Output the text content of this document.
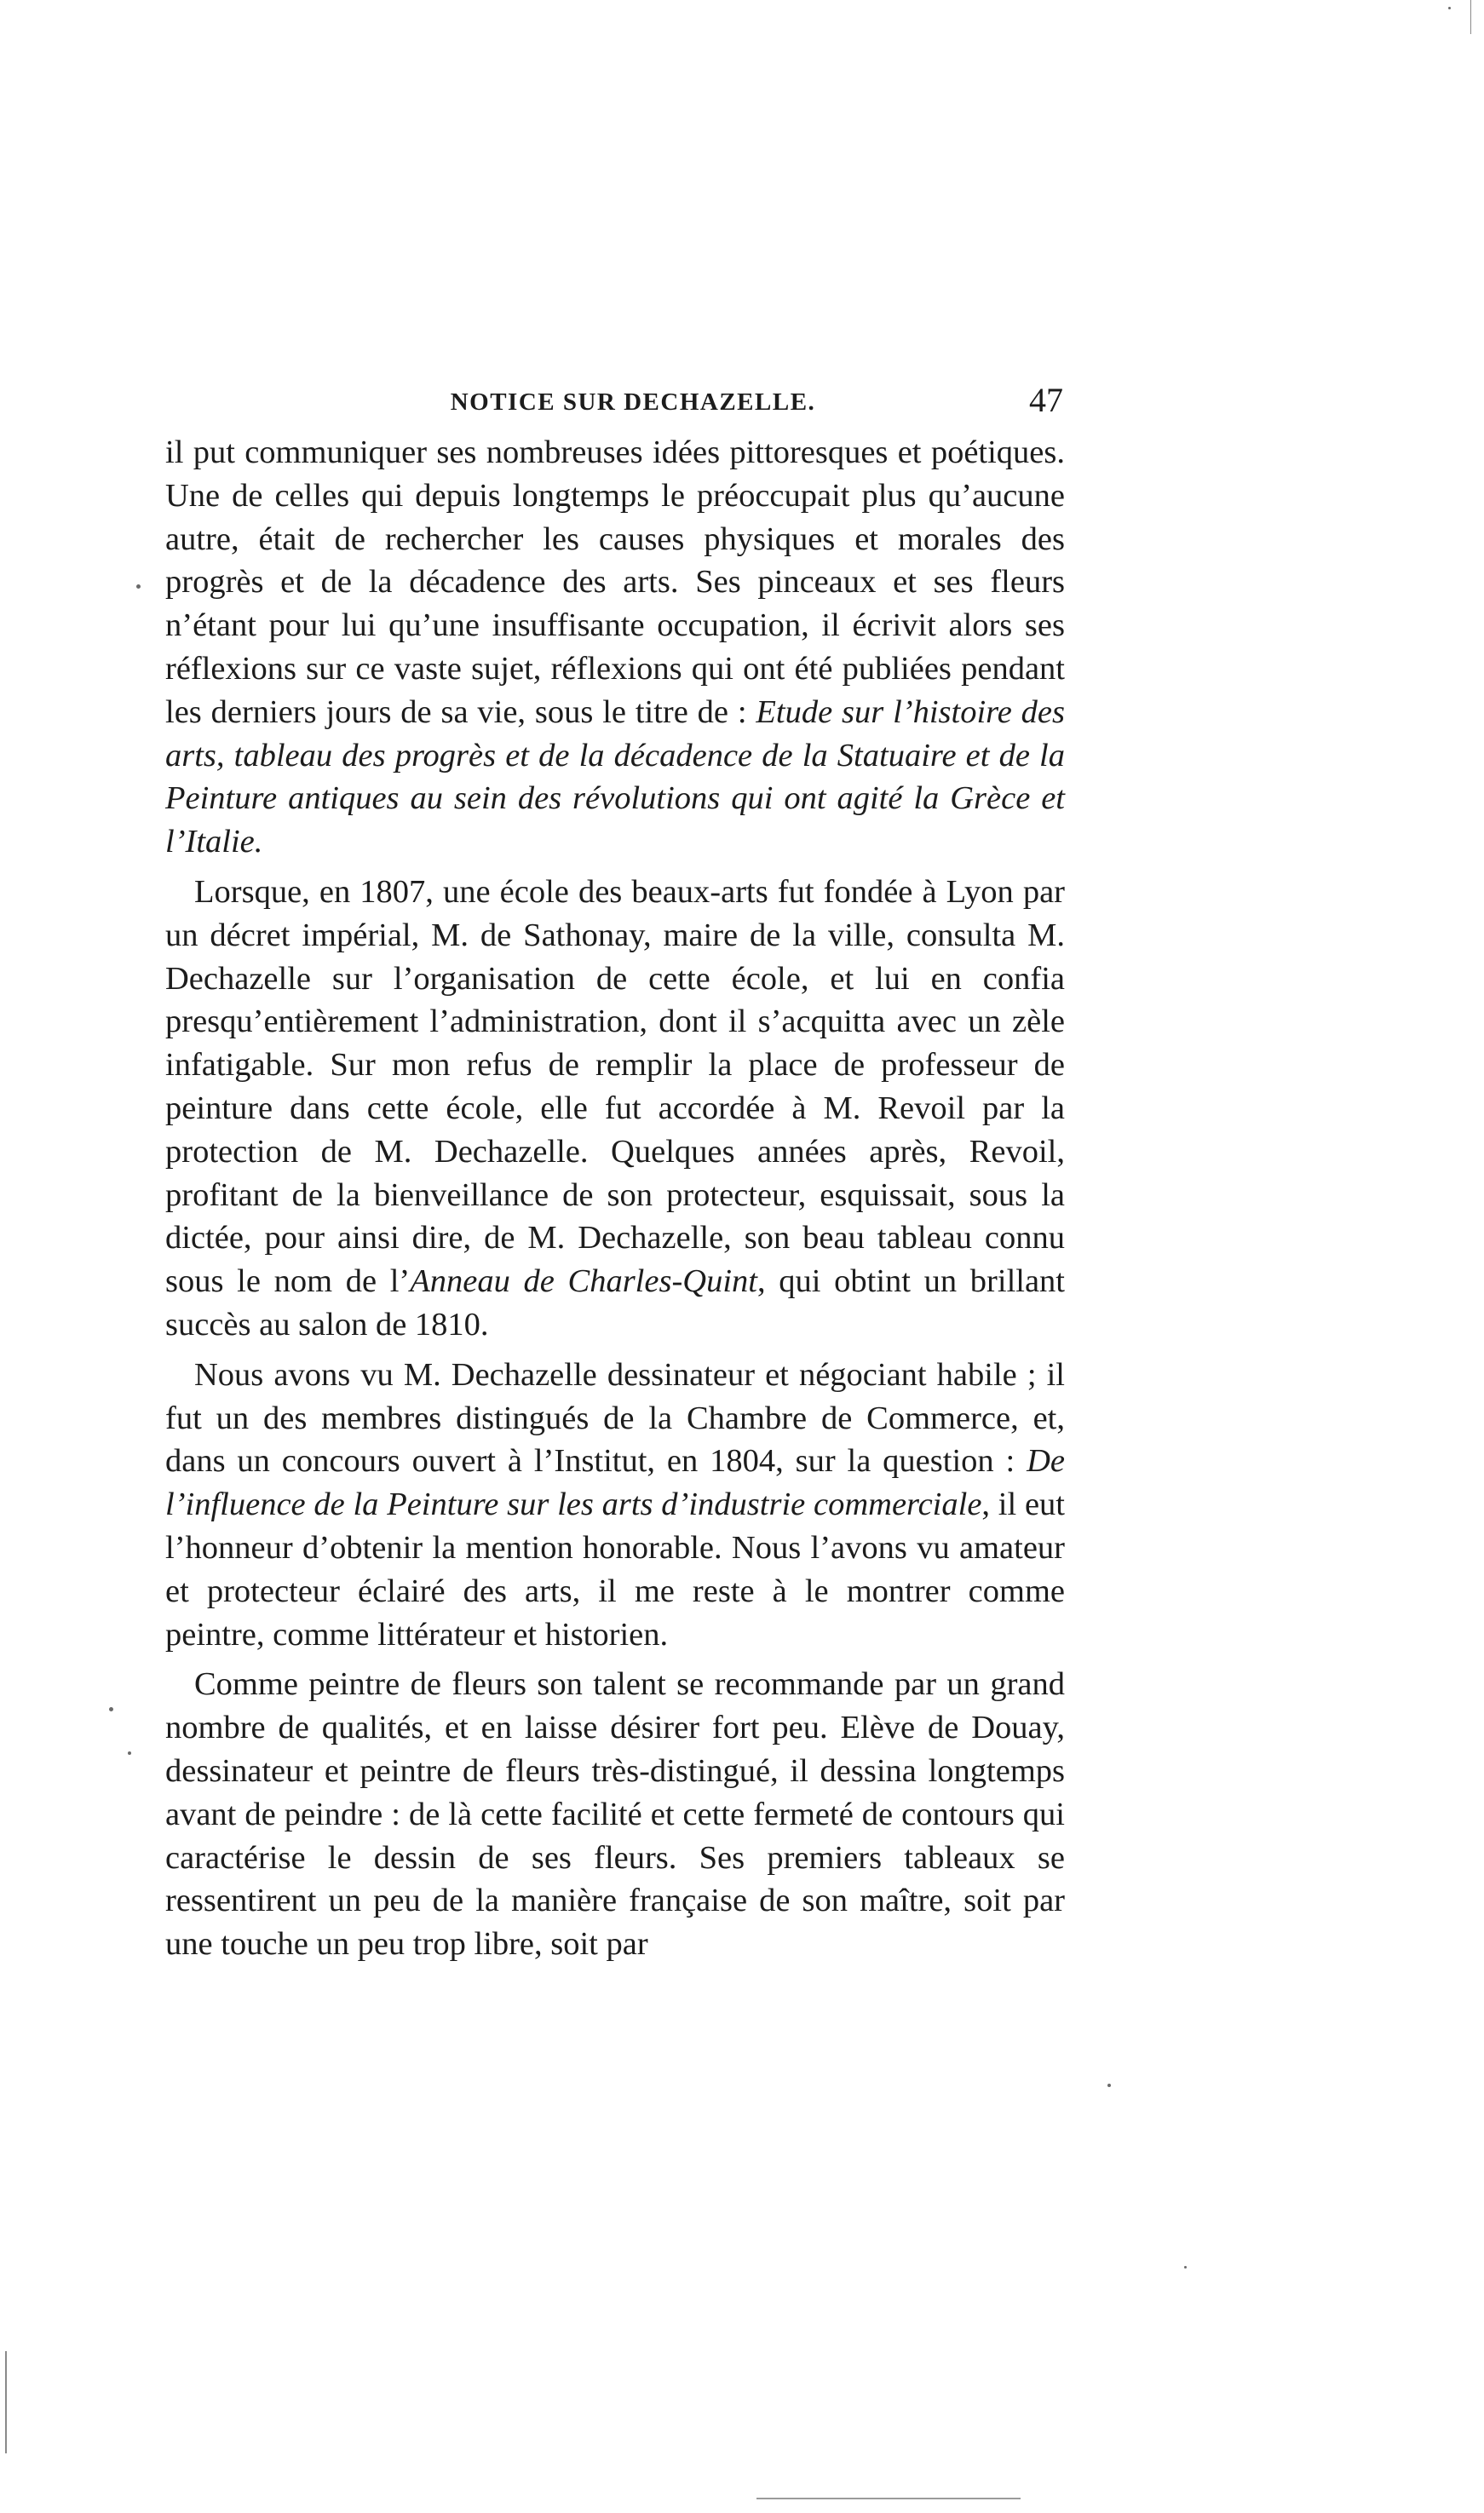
NOTICE SUR DECHAZELLE.	47

il put communiquer ses nombreuses idées pittoresques et poétiques. Une de celles qui depuis longtemps le préoccupait plus qu’aucune autre, était de rechercher les causes physiques et morales des progrès et de la décadence des arts. Ses pinceaux et ses fleurs n’étant pour lui qu’une insuffisante occupation, il écrivit alors ses réflexions sur ce vaste sujet, réflexions qui ont été publiées pendant les derniers jours de sa vie, sous le titre de : Etude sur l’histoire des arts, tableau des progrès et de la décadence de la Statuaire et de la Peinture antiques au sein des révolutions qui ont agité la Grèce et l’Italie.

Lorsque, en 1807, une école des beaux-arts fut fondée à Lyon par un décret impérial, M. de Sathonay, maire de la ville, consulta M. Dechazelle sur l’organisation de cette école, et lui en confia presqu’entièrement l’administration, dont il s’acquitta avec un zèle infatigable. Sur mon refus de remplir la place de professeur de peinture dans cette école, elle fut accordée à M. Revoil par la protection de M. Dechazelle. Quelques années après, Revoil, profitant de la bienveillance de son protecteur, esquissait, sous la dictée, pour ainsi dire, de M. Dechazelle, son beau tableau connu sous le nom de l’Anneau de Charles-Quint, qui obtint un brillant succès au salon de 1810.

Nous avons vu M. Dechazelle dessinateur et négociant habile ; il fut un des membres distingués de la Chambre de Commerce, et, dans un concours ouvert à l’Institut, en 1804, sur la question : De l’influence de la Peinture sur les arts d’industrie commerciale, il eut l’honneur d’obtenir la mention honorable. Nous l’avons vu amateur et protecteur éclairé des arts, il me reste à le montrer comme peintre, comme littérateur et historien.

Comme peintre de fleurs son talent se recommande par un grand nombre de qualités, et en laisse désirer fort peu. Elève de Douay, dessinateur et peintre de fleurs très-distingué, il dessina longtemps avant de peindre : de là cette facilité et cette fermeté de contours qui caractérise le dessin de ses fleurs. Ses premiers tableaux se ressentirent un peu de la manière française de son maître, soit par une touche un peu trop libre, soit par
